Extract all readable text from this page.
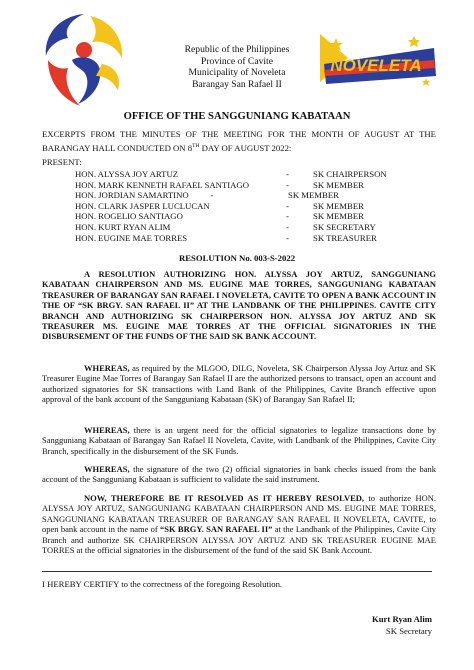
Republic of the Philippines
Province of Cavite
Municipality of Noveleta
Barangay San Rafael II
NOVELETA
OFFICE OF THE SANGGUNIANG KABATAAN
EXCERPTS FROM THE MINUTES OF THE MEETING FOR THE MONTH OF AUGUST AT THE BARANGAY HALL CONDUCTED ON 8TH DAY OF AUGUST 2022:
PRESENT:
HON. ALYSSA JOY ARTUZ	-	SK CHAIRPERSON
HON. MARK KENNETH RAFAEL SANTIAGO	-	SK MEMBER
HON. JORDIAN SAMARTINO          -	SK MEMBER
HON. CLARK JASPER LUCLUCAN	-	SK MEMBER
HON. ROGELIO SANTIAGO	-	SK MEMBER
HON. KURT RYAN ALIM	-	SK SECRETARY
HON. EUGINE MAE TORRES	-	SK TREASURER
RESOLUTION No. 003-S-2022
A RESOLUTION AUTHORIZING HON. ALYSSA JOY ARTUZ, SANGGUNIANG KABATAAN CHAIRPERSON AND MS. EUGINE MAE TORRES, SANGGUNIANG KABATAAN TREASURER OF BARANGAY SAN RAFAEL I NOVELETA, CAVITE TO OPEN A BANK ACCOUNT IN THE OF “SK BRGY. SAN RAFAEL II” AT THE LANDBANK OF THE PHILIPPINES. CAVITE CITY BRANCH AND AUTHORIZING SK CHAIRPERSON HON. ALYSSA JOY ARTUZ AND SK TREASURER MS. EUGINE MAE TORRES AT THE OFFICIAL SIGNATORIES IN THE DISBURSEMENT OF THE FUNDS OF THE SAID SK BANK ACCOUNT.
WHEREAS, as required by the MLGOO, DILG, Noveleta, SK Chairperson Alyssa Joy Artuz and SK Treasurer Eugine Mae Torres of Barangay San Rafael II are the authorized persons to transact, open an account and authorized signatories for SK transactions with Land Bank of the Philippines, Cavite Branch effective upon approval of the bank account of the Sangguniang Kabataan (SK) of Barangay San Rafael II;
WHEREAS, there is an urgent need for the official signatories to legalize transactions done by Sangguniang Kabataan of Barangay San Rafael II Noveleta, Cavite, with Landbank of the Philippines, Cavite City Branch, specifically in the disbursement of the SK Funds.
WHEREAS, the signature of the two (2) official signatories in bank checks issued from the bank account of the Sangguniang Kabataan is sufficient to validate the said instrument.
NOW, THEREFORE BE IT RESOLVED AS IT HEREBY RESOLVED, to authorize HON. ALYSSA JOY ARTUZ, SANGGUNIANG KABATAAN CHAIRPERSON AND MS. EUGINE MAE TORRES, SANGGUNIANG KABATAAN TREASURER OF BARANGAY SAN RAFAEL II NOVELETA, CAVITE, to open bank account in the name of “SK BRGY. SAN RAFAEL II” at the Landbank of the Philippines, Cavite City Branch and authorize SK CHAIRPERSON ALYSSA JOY ARTUZ AND SK TREASURER EUGINE MAE TORRES at the official signatories in the disbursement of the fund of the said SK Bank Account.
I HEREBY CERTIFY to the correctness of the foregoing Resolution.
Kurt Ryan Alim
SK Secretary
